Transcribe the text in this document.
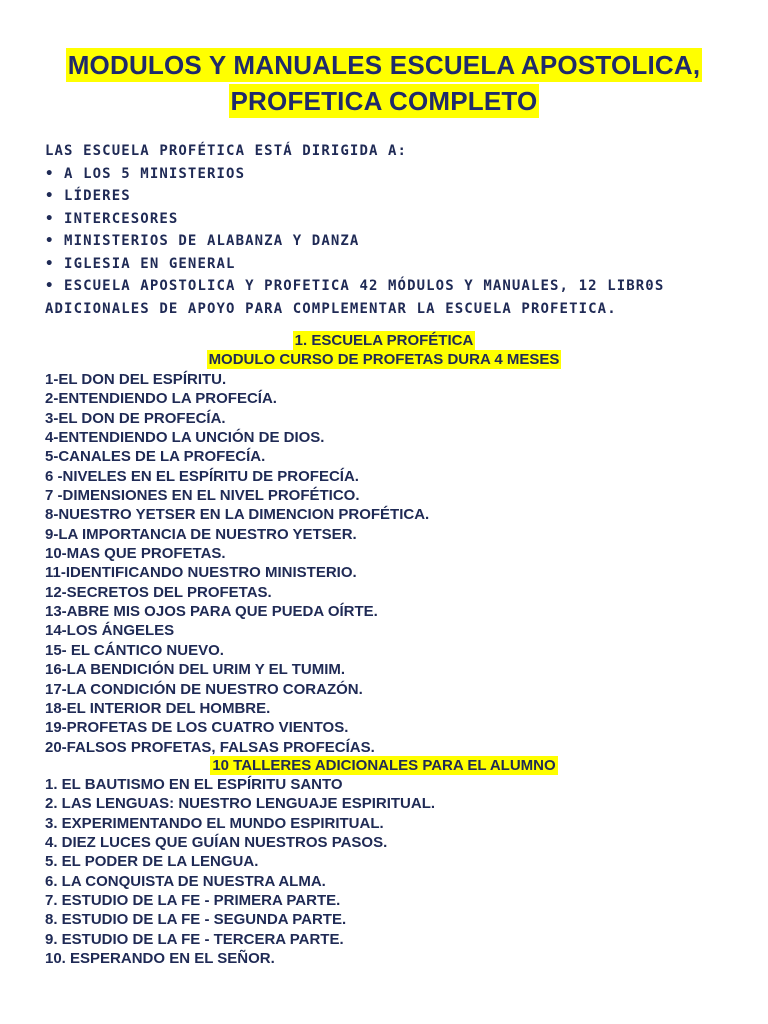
MODULOS Y MANUALES ESCUELA APOSTOLICA,
PROFETICA COMPLETO
LAS ESCUELA PROFÉTICA ESTÁ DIRIGIDA A:
• A LOS 5 MINISTERIOS
• LÍDERES
• INTERCESORES
• MINISTERIOS DE ALABANZA Y DANZA
• IGLESIA EN GENERAL
• ESCUELA APOSTOLICA Y PROFETICA 42 MÓDULOS Y MANUALES, 12 LIBR0S
ADICIONALES DE APOYO PARA COMPLEMENTAR LA ESCUELA PROFETICA.
1. ESCUELA PROFÉTICA
MODULO CURSO DE PROFETAS DURA 4 MESES
1-EL DON DEL ESPÍRITU.
2-ENTENDIENDO LA PROFECÍA.
3-EL DON DE PROFECÍA.
4-ENTENDIENDO LA UNCIÓN DE DIOS.
5-CANALES DE LA PROFECÍA.
6 -NIVELES EN EL ESPÍRITU DE PROFECÍA.
7 -DIMENSIONES EN EL NIVEL PROFÉTICO.
8-NUESTRO YETSER EN LA DIMENCION PROFÉTICA.
9-LA IMPORTANCIA DE NUESTRO YETSER.
10-MAS QUE PROFETAS.
11-IDENTIFICANDO NUESTRO MINISTERIO.
12-SECRETOS DEL PROFETAS.
13-ABRE MIS OJOS PARA QUE PUEDA OÍRTE.
14-LOS ÁNGELES
15- EL CÁNTICO NUEVO.
16-LA BENDICIÓN DEL URIM Y EL TUMIM.
17-LA CONDICIÓN DE NUESTRO CORAZÓN.
18-EL INTERIOR DEL HOMBRE.
19-PROFETAS DE LOS CUATRO VIENTOS.
20-FALSOS PROFETAS, FALSAS PROFECÍAS.
10 TALLERES ADICIONALES PARA EL ALUMNO
1. EL BAUTISMO EN EL ESPÍRITU SANTO
2. LAS LENGUAS: NUESTRO LENGUAJE ESPIRITUAL.
3. EXPERIMENTANDO EL MUNDO ESPIRITUAL.
4. DIEZ LUCES QUE GUÍAN NUESTROS PASOS.
5. EL PODER DE LA LENGUA.
6. LA CONQUISTA DE NUESTRA ALMA.
7. ESTUDIO DE LA FE - PRIMERA PARTE.
8. ESTUDIO DE LA FE - SEGUNDA PARTE.
9. ESTUDIO DE LA FE - TERCERA PARTE.
10. ESPERANDO EN EL SEÑOR.
